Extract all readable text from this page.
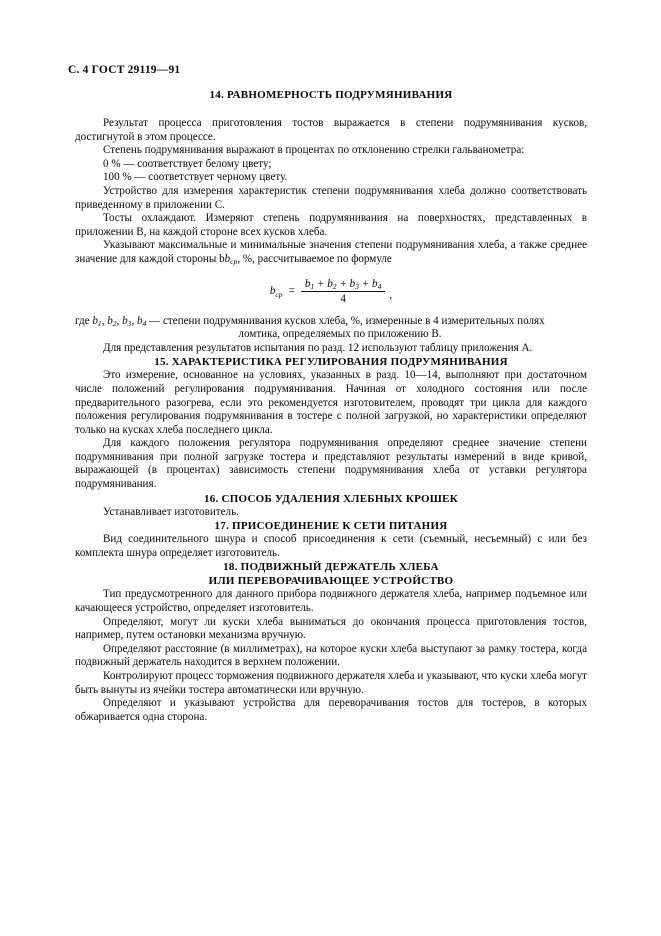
С. 4 ГОСТ 29119—91
14. РАВНОМЕРНОСТЬ ПОДРУМЯНИВАНИЯ

Результат процесса приготовления тостов выражается в степени подрумянивания кусков, достигнутой в этом процессе.

Степень подрумянивания выражают в процентах по отклонению стрелки гальванометра:

0 % — соответствует белому цвету;

100 % — соответствует черному цвету.

Устройство для измерения характеристик степени подрумянивания хлеба должно соответствовать приведенному в приложении С.

Тосты охлаждают. Измеряют степень подрумянивания на поверхностях, представленных в приложении В, на каждой стороне всех кусков хлеба.

Указывают максимальные и минимальные значения степени подрумянивания хлеба, а также среднее значение для каждой стороны $bb_{ср}$, %, рассчитываемое по формуле

$b_{ср} = \frac{b_1 + b_2 + b_3 + b_4}{4}$ ,

где $b_1$, $b_2$, $b_3$, $b_4$ — степени подрумянивания кусков хлеба, %, измеренные в 4 измерительных полях

ломтика, определяемых по приложению В.

Для представления результатов испытания по разд. 12 используют таблицу приложения А.

15. ХАРАКТЕРИСТИКА РЕГУЛИРОВАНИЯ ПОДРУМЯНИВАНИЯ

Это измерение, основанное на условиях, указанных в разд. 10—14, выполняют при достаточном числе положений регулирования подрумянивания. Начиная от холодного состояния или после предварительного разогрева, если это рекомендуется изготовителем, проводят три цикла для каждого положения регулирования подрумянивания в тостере с полной загрузкой, но характеристики определяют только на кусках хлеба последнего цикла.

Для каждого положения регулятора подрумянивания определяют среднее значение степени подрумянивания при полной загрузке тостера и представляют результаты измерений в виде кривой, выражающей (в процентах) зависимость степени подрумянивания хлеба от уставки регулятора подрумянивания.

16. СПОСОБ УДАЛЕНИЯ ХЛЕБНЫХ КРОШЕК

Устанавливает изготовитель.

17. ПРИСОЕДИНЕНИЕ К СЕТИ ПИТАНИЯ

Вид соединительного шнура и способ присоединения к сети (съемный, несъемный) с или без комплекта шнура определяет изготовитель.

18. ПОДВИЖНЫЙ ДЕРЖАТЕЛЬ ХЛЕБА
ИЛИ ПЕРЕВОРАЧИВАЮЩЕЕ УСТРОЙСТВО

Тип предусмотренного для данного прибора подвижного держателя хлеба, например подъемное или качающееся устройство, определяет изготовитель.

Определяют, могут ли куски хлеба выниматься до окончания процесса приготовления тостов, например, путем остановки механизма вручную.

Определяют расстояние (в миллиметрах), на которое куски хлеба выступают за рамку тостера, когда подвижный держатель находится в верхнем положении.

Контролируют процесс торможения подвижного держателя хлеба и указывают, что куски хлеба могут быть вынуты из ячейки тостера автоматически или вручную.

Определяют и указывают устройства для переворачивания тостов для тостеров, в которых обжаривается одна сторона.
